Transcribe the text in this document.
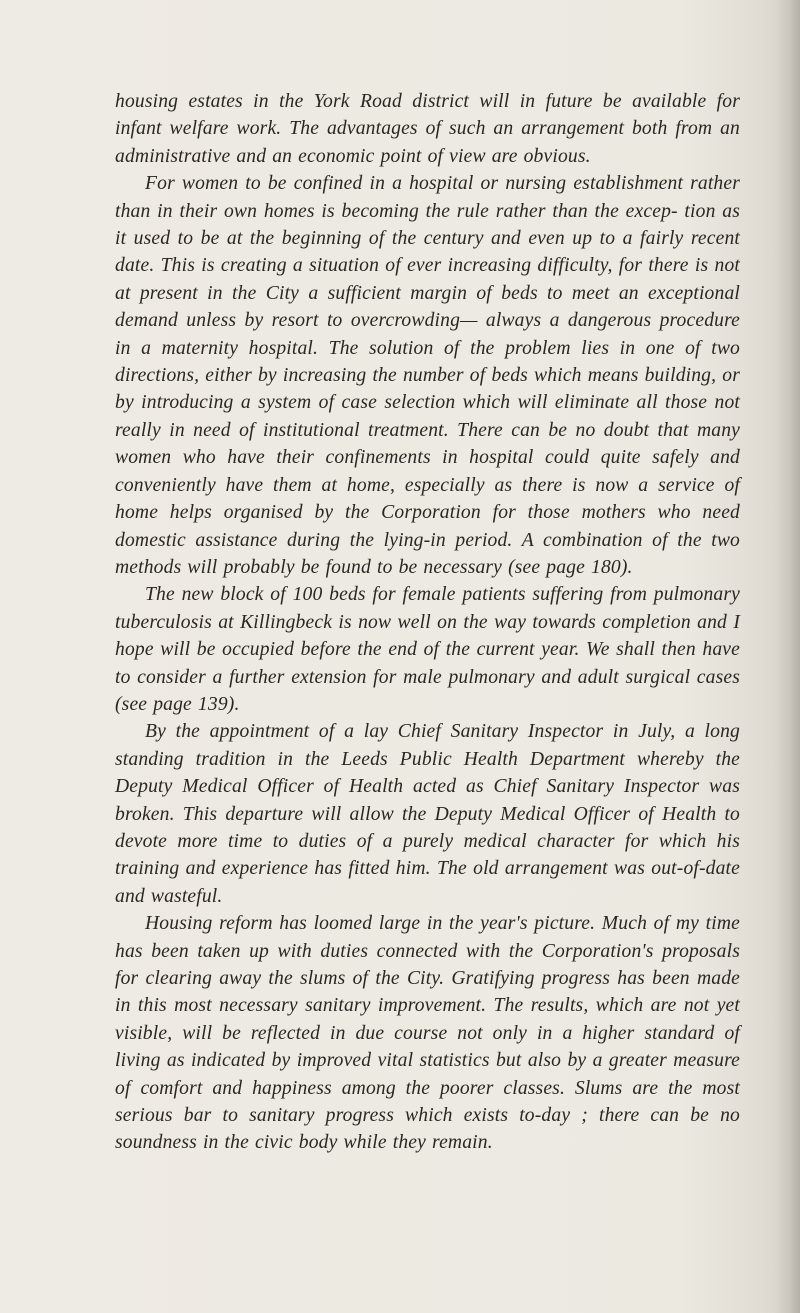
housing estates in the York Road district will in future be available for infant welfare work. The advantages of such an arrangement both from an administrative and an economic point of view are obvious.

For women to be confined in a hospital or nursing establishment rather than in their own homes is becoming the rule rather than the excep- tion as it used to be at the beginning of the century and even up to a fairly recent date. This is creating a situation of ever increasing difficulty, for there is not at present in the City a sufficient margin of beds to meet an exceptional demand unless by resort to overcrowding— always a dangerous procedure in a maternity hospital. The solution of the problem lies in one of two directions, either by increasing the number of beds which means building, or by introducing a system of case selection which will eliminate all those not really in need of institutional treatment. There can be no doubt that many women who have their confinements in hospital could quite safely and conveniently have them at home, especially as there is now a service of home helps organised by the Corporation for those mothers who need domestic assistance during the lying-in period. A combination of the two methods will probably be found to be necessary (see page 180).

The new block of 100 beds for female patients suffering from pulmonary tuberculosis at Killingbeck is now well on the way towards completion and I hope will be occupied before the end of the current year. We shall then have to consider a further extension for male pulmonary and adult surgical cases (see page 139).

By the appointment of a lay Chief Sanitary Inspector in July, a long standing tradition in the Leeds Public Health Department whereby the Deputy Medical Officer of Health acted as Chief Sanitary Inspector was broken. This departure will allow the Deputy Medical Officer of Health to devote more time to duties of a purely medical character for which his training and experience has fitted him. The old arrangement was out-of-date and wasteful.

Housing reform has loomed large in the year's picture. Much of my time has been taken up with duties connected with the Corporation's proposals for clearing away the slums of the City. Gratifying progress has been made in this most necessary sanitary improvement. The results, which are not yet visible, will be reflected in due course not only in a higher standard of living as indicated by improved vital statistics but also by a greater measure of comfort and happiness among the poorer classes. Slums are the most serious bar to sanitary progress which exists to-day ; there can be no soundness in the civic body while they remain.
